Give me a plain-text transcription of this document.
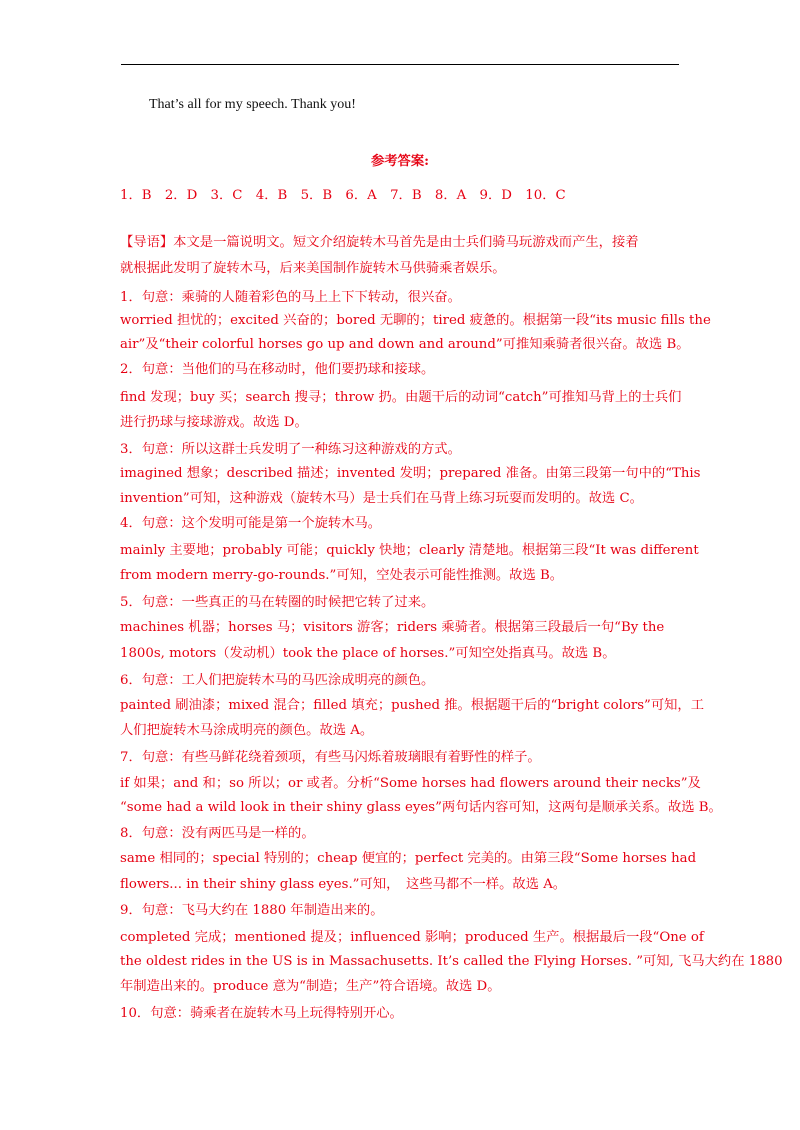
That’s all for my speech. Thank you!
参考答案:
1．B　2．D　3．C　4．B　5．B　6．A　7．B　8．A　9．D　10．C
【导语】本文是一篇说明文。短文介绍旋转木马首先是由士兵们骑马玩游戏而产生，接着
就根据此发明了旋转木马，后来美国制作旋转木马供骑乘者娱乐。
1．句意：乘骑的人随着彩色的马上上下下转动，很兴奋。
worried 担忧的；excited 兴奋的；bored 无聊的；tired 疲惫的。根据第一段“its music fills the
air”及“their colorful horses go up and down and around”可推知乘骑者很兴奋。故选 B。
2．句意：当他们的马在移动时，他们要扔球和接球。
find 发现；buy 买；search 搜寻；throw 扔。由题干后的动词“catch”可推知马背上的士兵们
进行扔球与接球游戏。故选 D。
3．句意：所以这群士兵发明了一种练习这种游戏的方式。
imagined 想象；described 描述；invented 发明；prepared 准备。由第三段第一句中的“This
invention”可知，这种游戏（旋转木马）是士兵们在马背上练习玩耍而发明的。故选 C。
4．句意：这个发明可能是第一个旋转木马。
mainly 主要地；probably 可能；quickly 快地；clearly 清楚地。根据第三段“It was different
from modern merry-go-rounds.”可知，空处表示可能性推测。故选 B。
5．句意：一些真正的马在转圈的时候把它转了过来。
machines 机器；horses 马；visitors 游客；riders 乘骑者。根据第三段最后一句“By the
1800s, motors（发动机）took the place of horses.”可知空处指真马。故选 B。
6．句意：工人们把旋转木马的马匹涂成明亮的颜色。
painted 刷油漆；mixed 混合；filled 填充；pushed 推。根据题干后的“bright colors”可知，工
人们把旋转木马涂成明亮的颜色。故选 A。
7．句意：有些马鲜花绕着颈项，有些马闪烁着玻璃眼有着野性的样子。
if 如果；and 和；so 所以；or 或者。分析“Some horses had flowers around their necks”及
“some had a wild look in their shiny glass eyes”两句话内容可知，这两句是顺承关系。故选 B。
8．句意：没有两匹马是一样的。
same 相同的；special 特别的；cheap 便宜的；perfect 完美的。由第三段“Some horses had
flowers... in their shiny glass eyes.”可知，　这些马都不一样。故选 A。
9．句意：飞马大约在 1880 年制造出来的。
completed 完成；mentioned 提及；influenced 影响；produced 生产。根据最后一段“One of
the oldest rides in the US is in Massachusetts. It’s called the Flying Horses. ”可知, 飞马大约在 1880
年制造出来的。produce 意为“制造；生产”符合语境。故选 D。
10．句意：骑乘者在旋转木马上玩得特别开心。
